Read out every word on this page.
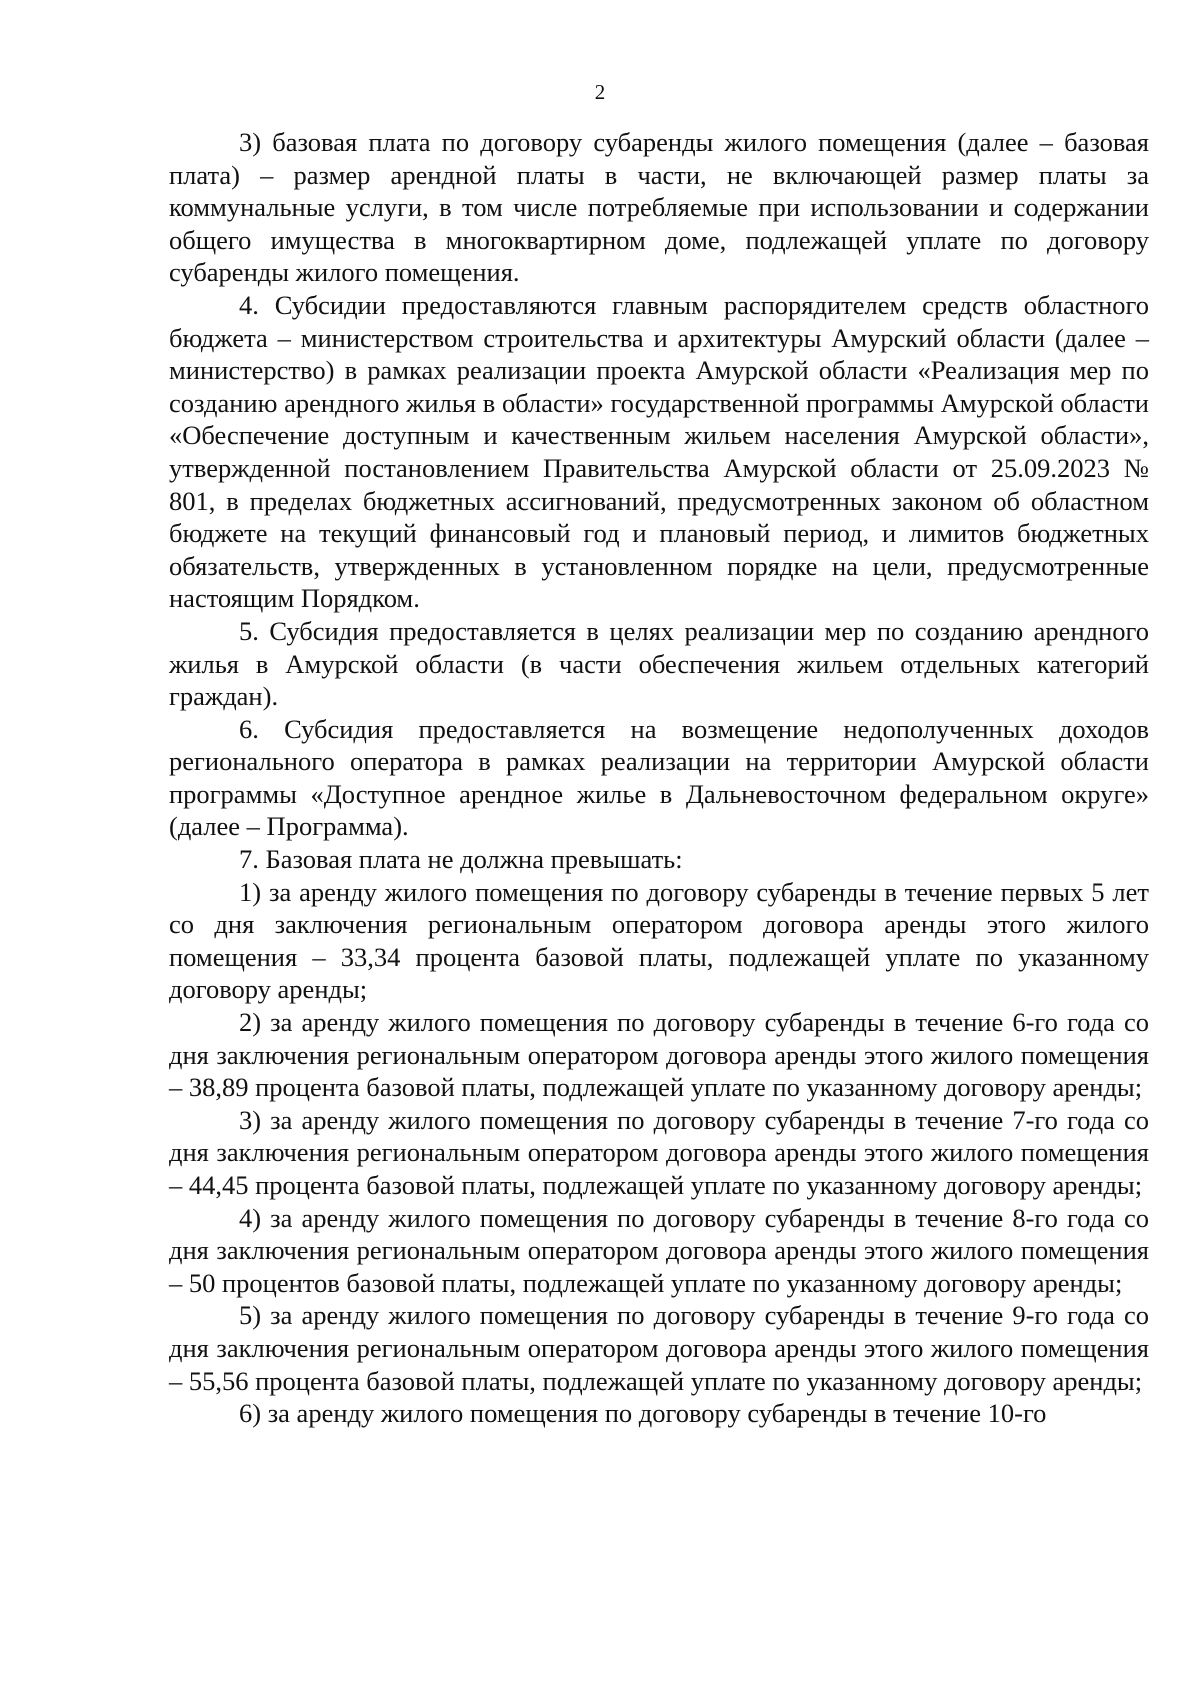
2

3) базовая плата по договору субаренды жилого помещения (далее – базовая плата) – размер арендной платы в части, не включающей размер платы за коммунальные услуги, в том числе потребляемые при использовании и содержании общего имущества в многоквартирном доме, подлежащей уплате по договору субаренды жилого помещения.

4. Субсидии предоставляются главным распорядителем средств областного бюджета – министерством строительства и архитектуры Амурский области (далее – министерство) в рамках реализации проекта Амурской области «Реализация мер по созданию арендного жилья в области» государственной программы Амурской области «Обеспечение доступным и качественным жильем населения Амурской области», утвержденной постановлением Правительства Амурской области от 25.09.2023 № 801, в пределах бюджетных ассигнований, предусмотренных законом об областном бюджете на текущий финансовый год и плановый период, и лимитов бюджетных обязательств, утвержденных в установленном порядке на цели, предусмотренные настоящим Порядком.

5. Субсидия предоставляется в целях реализации мер по созданию арендного жилья в Амурской области (в части обеспечения жильем отдельных категорий граждан).

6. Субсидия предоставляется на возмещение недополученных доходов регионального оператора в рамках реализации на территории Амурской области программы «Доступное арендное жилье в Дальневосточном федеральном округе» (далее – Программа).

7. Базовая плата не должна превышать:

1) за аренду жилого помещения по договору субаренды в течение первых 5 лет со дня заключения региональным оператором договора аренды этого жилого помещения – 33,34 процента базовой платы, подлежащей уплате по указанному договору аренды;

2) за аренду жилого помещения по договору субаренды в течение 6-го года со дня заключения региональным оператором договора аренды этого жилого помещения – 38,89 процента базовой платы, подлежащей уплате по указанному договору аренды;

3) за аренду жилого помещения по договору субаренды в течение 7-го года со дня заключения региональным оператором договора аренды этого жилого помещения – 44,45 процента базовой платы, подлежащей уплате по указанному договору аренды;

4) за аренду жилого помещения по договору субаренды в течение 8-го года со дня заключения региональным оператором договора аренды этого жилого помещения – 50 процентов базовой платы, подлежащей уплате по указанному договору аренды;

5) за аренду жилого помещения по договору субаренды в течение 9-го года со дня заключения региональным оператором договора аренды этого жилого помещения – 55,56 процента базовой платы, подлежащей уплате по указанному договору аренды;

6) за аренду жилого помещения по договору субаренды в течение 10-го
